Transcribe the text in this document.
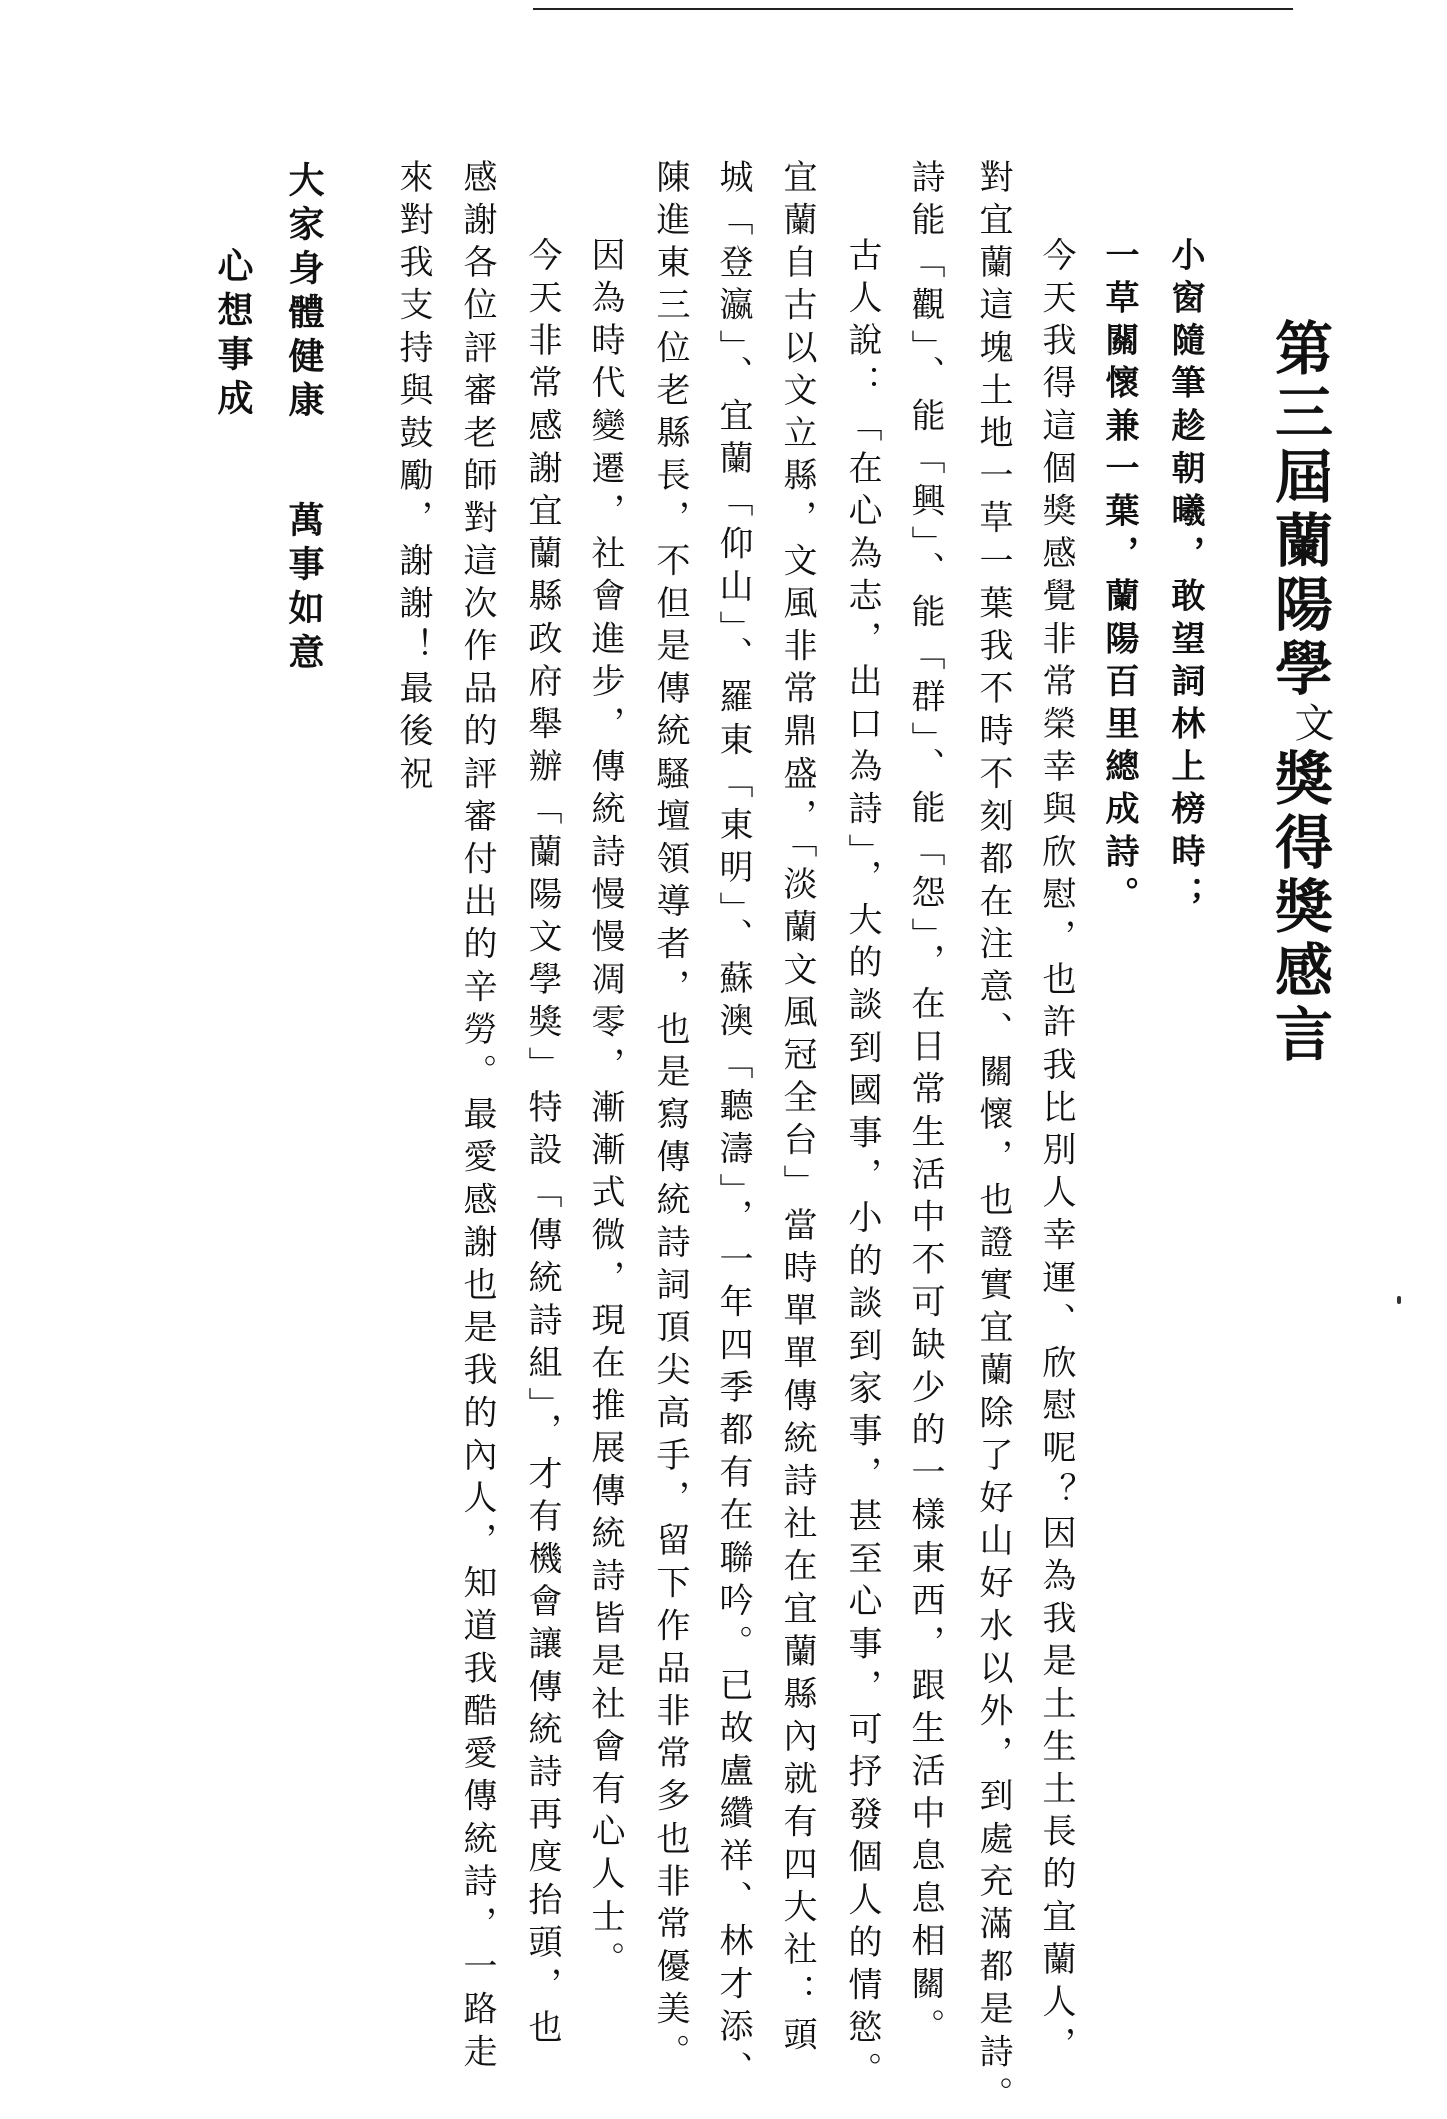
第三屆蘭陽學文獎得獎感言
小窗隨筆趁朝曦，敢望詞林上榜時；
一草關懷兼一葉，蘭陽百里總成詩。
今天我得這個獎感覺非常榮幸與欣慰，也許我比別人幸運、欣慰呢？因為我是土生土長的宜蘭人，
對宜蘭這塊土地一草一葉我不時不刻都在注意、關懷，也證實宜蘭除了好山好水以外，到處充滿都是詩。
詩能「觀」、能「興」、能「群」、能「怨」，在日常生活中不可缺少的一樣東西，跟生活中息息相關。
古人說：「在心為志，出口為詩」，大的談到國事，小的談到家事，甚至心事，可抒發個人的情慾。
宜蘭自古以文立縣，文風非常鼎盛，「淡蘭文風冠全台」當時單單傳統詩社在宜蘭縣內就有四大社：頭
城「登瀛」、宜蘭「仰山」、羅東「東明」、蘇澳「聽濤」，一年四季都有在聯吟。已故盧纘祥、林才添、
陳進東三位老縣長，不但是傳統騷壇領導者，也是寫傳統詩詞頂尖高手，留下作品非常多也非常優美。
因為時代變遷，社會進步，傳統詩慢慢凋零，漸漸式微，現在推展傳統詩皆是社會有心人士。
今天非常感謝宜蘭縣政府舉辦「蘭陽文學獎」特設「傳統詩組」，才有機會讓傳統詩再度抬頭，也
感謝各位評審老師對這次作品的評審付出的辛勞。最愛感謝也是我的內人，知道我酷愛傳統詩，一路走
來對我支持與鼓勵，謝謝！最後祝
大家身體健康萬事如意
心想事成
